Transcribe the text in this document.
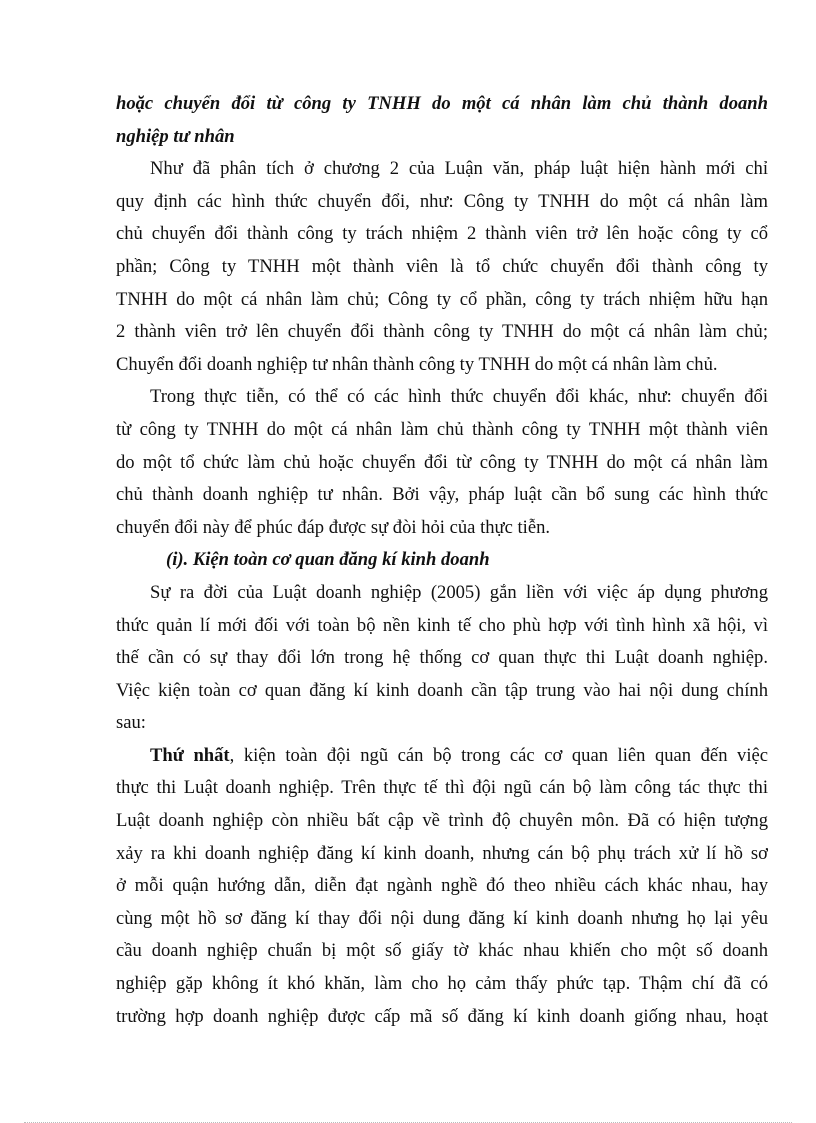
hoặc chuyển đổi từ công ty TNHH do một cá nhân làm chủ thành doanh
nghiệp tư nhân
Như đã phân tích ở chương 2 của Luận văn, pháp luật hiện hành mới chỉ
quy định các hình thức chuyển đổi, như: Công ty TNHH do một cá nhân làm
chủ chuyển đổi thành công ty trách nhiệm 2 thành viên trở lên hoặc công ty cổ
phần; Công ty TNHH một thành viên là tổ chức chuyển đổi thành công ty
TNHH do một cá nhân làm chủ; Công ty cổ phần, công ty trách nhiệm hữu hạn
2 thành viên trở lên chuyển đổi thành công ty TNHH do một cá nhân làm chủ;
Chuyển đổi doanh nghiệp tư nhân thành công ty TNHH do một cá nhân làm chủ.
Trong thực tiễn, có thể có các hình thức chuyển đổi khác, như: chuyển đổi
từ công ty TNHH do một cá nhân làm chủ thành công ty TNHH một thành viên
do một tổ chức làm chủ hoặc chuyển đổi từ công ty TNHH do một cá nhân làm
chủ thành doanh nghiệp tư nhân. Bởi vậy, pháp luật cần bổ sung các hình thức
chuyển đổi này để phúc đáp được sự đòi hỏi của thực tiễn.
(i). Kiện toàn cơ quan đăng kí kinh doanh
Sự ra đời của Luật doanh nghiệp (2005) gắn liền với việc áp dụng phương
thức quản lí mới đối với toàn bộ nền kinh tế cho phù hợp với tình hình xã hội, vì
thế cần có sự thay đổi lớn trong hệ thống cơ quan thực thi Luật doanh nghiệp.
Việc kiện toàn cơ quan đăng kí kinh doanh cần tập trung vào hai nội dung chính
sau:
Thứ nhất, kiện toàn đội ngũ cán bộ trong các cơ quan liên quan đến việc
thực thi Luật doanh nghiệp. Trên thực tế thì đội ngũ cán bộ làm công tác thực thi
Luật doanh nghiệp còn nhiều bất cập về trình độ chuyên môn. Đã có hiện tượng
xảy ra khi doanh nghiệp đăng kí kinh doanh, nhưng cán bộ phụ trách xử lí hồ sơ
ở mỗi quận hướng dẫn, diễn đạt ngành nghề đó theo nhiều cách khác nhau, hay
cùng một hồ sơ đăng kí thay đổi nội dung đăng kí kinh doanh nhưng họ lại yêu
cầu doanh nghiệp chuẩn bị một số giấy tờ khác nhau khiến cho một số doanh
nghiệp gặp không ít khó khăn, làm cho họ cảm thấy phức tạp. Thậm chí đã có
trường hợp doanh nghiệp được cấp mã số đăng kí kinh doanh giống nhau, hoạt
